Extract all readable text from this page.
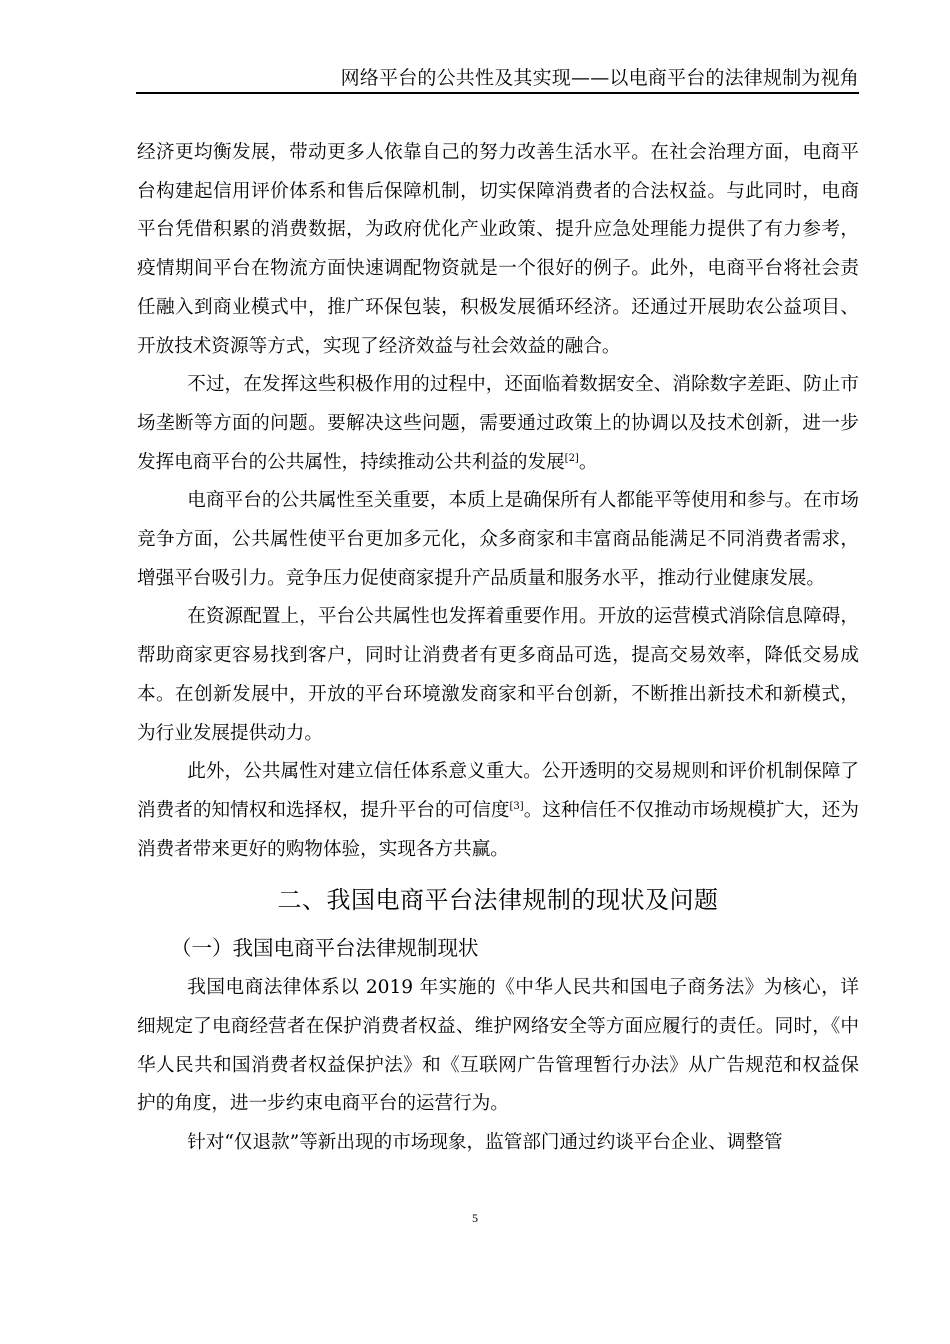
网络平台的公共性及其实现——以电商平台的法律规制为视角

经济更均衡发展，带动更多人依靠自己的努力改善生活水平。在社会治理方面，电商平台构建起信用评价体系和售后保障机制，切实保障消费者的合法权益。与此同时，电商平台凭借积累的消费数据，为政府优化产业政策、提升应急处理能力提供了有力参考，疫情期间平台在物流方面快速调配物资就是一个很好的例子。此外，电商平台将社会责任融入到商业模式中，推广环保包装，积极发展循环经济。还通过开展助农公益项目、开放技术资源等方式，实现了经济效益与社会效益的融合。

不过，在发挥这些积极作用的过程中，还面临着数据安全、消除数字差距、防止市场垄断等方面的问题。要解决这些问题，需要通过政策上的协调以及技术创新，进一步发挥电商平台的公共属性，持续推动公共利益的发展[2]。

电商平台的公共属性至关重要，本质上是确保所有人都能平等使用和参与。在市场竞争方面，公共属性使平台更加多元化，众多商家和丰富商品能满足不同消费者需求，增强平台吸引力。竞争压力促使商家提升产品质量和服务水平，推动行业健康发展。

在资源配置上，平台公共属性也发挥着重要作用。开放的运营模式消除信息障碍，帮助商家更容易找到客户，同时让消费者有更多商品可选，提高交易效率，降低交易成本。在创新发展中，开放的平台环境激发商家和平台创新，不断推出新技术和新模式，为行业发展提供动力。

此外，公共属性对建立信任体系意义重大。公开透明的交易规则和评价机制保障了消费者的知情权和选择权，提升平台的可信度[3]。这种信任不仅推动市场规模扩大，还为消费者带来更好的购物体验，实现各方共赢。

二、我国电商平台法律规制的现状及问题
（一）我国电商平台法律规制现状

我国电商法律体系以 2019 年实施的《中华人民共和国电子商务法》为核心，详细规定了电商经营者在保护消费者权益、维护网络安全等方面应履行的责任。同时，《中华人民共和国消费者权益保护法》和《互联网广告管理暂行办法》从广告规范和权益保护的角度，进一步约束电商平台的运营行为。

针对“仅退款”等新出现的市场现象，监管部门通过约谈平台企业、调整管

5
